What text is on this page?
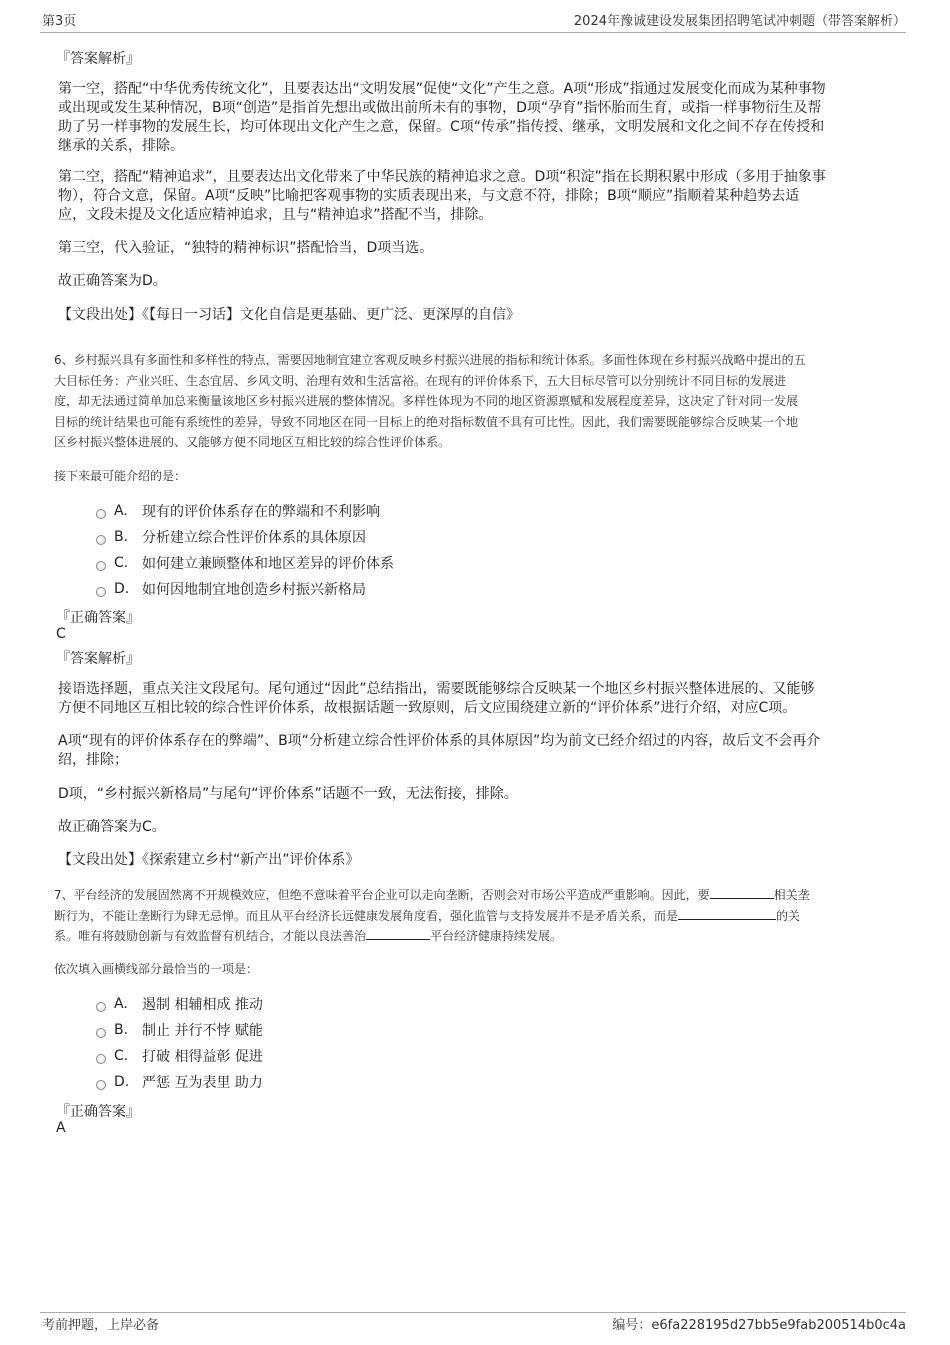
第3页	2024年豫诚建设发展集团招聘笔试冲刺题（带答案解析）
『答案解析』
第一空，搭配“中华优秀传统文化”，且要表达出“文明发展”促使“文化”产生之意。A项“形成”指通过发展变化而成为某种事物
或出现或发生某种情况，B项“创造”是指首先想出或做出前所未有的事物，D项“孕育”指怀胎而生育，或指一样事物衍生及帮
助了另一样事物的发展生长，均可体现出文化产生之意，保留。C项“传承”指传授、继承，文明发展和文化之间不存在传授和
继承的关系，排除。
第二空，搭配“精神追求”，且要表达出文化带来了中华民族的精神追求之意。D项“积淀”指在长期积累中形成（多用于抽象事
物），符合文意，保留。A项“反映”比喻把客观事物的实质表现出来，与文意不符，排除；B项“顺应”指顺着某种趋势去适
应，文段未提及文化适应精神追求，且与“精神追求”搭配不当，排除。
第三空，代入验证，“独特的精神标识”搭配恰当，D项当选。
故正确答案为D。
【文段出处】《【每日一习话】文化自信是更基础、更广泛、更深厚的自信》
6、乡村振兴具有多面性和多样性的特点，需要因地制宜建立客观反映乡村振兴进展的指标和统计体系。多面性体现在乡村振兴战略中提出的五
大目标任务：产业兴旺、生态宜居、乡风文明、治理有效和生活富裕。在现有的评价体系下，五大目标尽管可以分别统计不同目标的发展进
度，却无法通过简单加总来衡量该地区乡村振兴进展的整体情况。多样性体现为不同的地区资源禀赋和发展程度差异，这决定了针对同一发展
目标的统计结果也可能有系统性的差异，导致不同地区在同一目标上的绝对指标数值不具有可比性。因此，我们需要既能够综合反映某一个地
区乡村振兴整体进展的、又能够方便不同地区互相比较的综合性评价体系。
接下来最可能介绍的是：
A.	现有的评价体系存在的弊端和不利影响
B. 分析建立综合性评价体系的具体原因
C. 如何建立兼顾整体和地区差异的评价体系
D. 如何因地制宜地创造乡村振兴新格局
『正确答案』
C
『答案解析』
接语选择题，重点关注文段尾句。尾句通过“因此”总结指出，需要既能够综合反映某一个地区乡村振兴整体进展的、又能够
方便不同地区互相比较的综合性评价体系，故根据话题一致原则，后文应围绕建立新的“评价体系”进行介绍，对应C项。
A项“现有的评价体系存在的弊端”、B项“分析建立综合性评价体系的具体原因”均为前文已经介绍过的内容，故后文不会再介
绍，排除；
D项，“乡村振兴新格局”与尾句“评价体系”话题不一致，无法衔接，排除。
故正确答案为C。
【文段出处】《探索建立乡村“新产出”评价体系》
7、平台经济的发展固然离不开规模效应，但绝不意味着平台企业可以走向垄断，否则会对市场公平造成严重影响。因此，要	相关垄
断行为，不能让垄断行为肆无忌惮。而且从平台经济长远健康发展角度看，强化监管与支持发展并不是矛盾关系，而是	的关
系。唯有将鼓励创新与有效监督有机结合，才能以良法善治	平台经济健康持续发展。
依次填入画横线部分最恰当的一项是：
A.	遏制 相辅相成 推动
B. 制止 并行不悖 赋能
C. 打破 相得益彰 促进
D. 严惩 互为表里 助力
『正确答案』
A
考前押题，上岸必备	编号：e6fa228195d27bb5e9fab200514b0c4a
